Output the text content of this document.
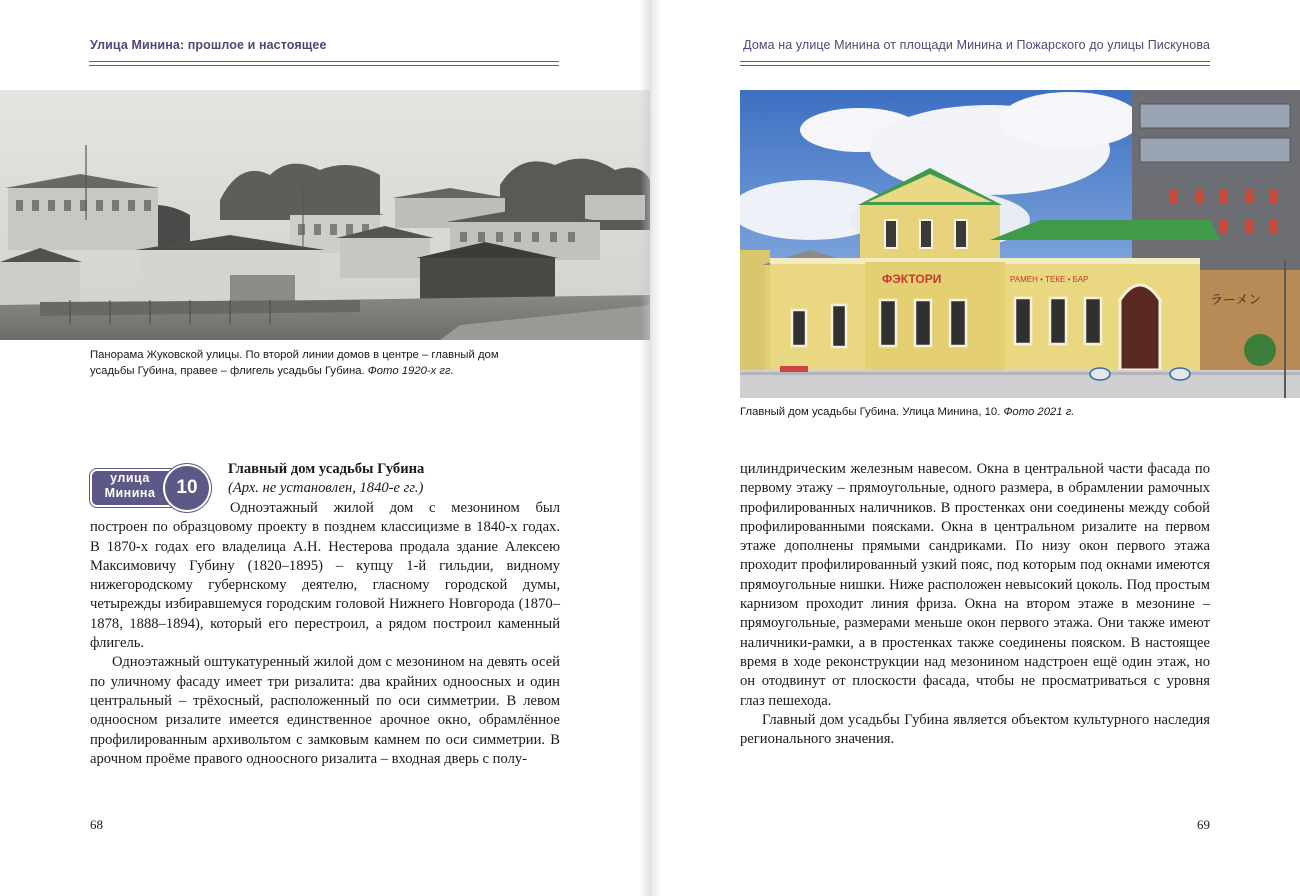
Улица Минина: прошлое и настоящее
Панорама Жуковской улицы. По второй линии домов в центре – главный дом усадьбы Губина, правее – флигель усадьбы Губина. Фото 1920-х гг.
улица
Минина	10
Главный дом усадьбы Губина
(Арх. не установлен, 1840-е гг.)

Одноэтажный жилой дом с мезонином был построен по образцовому проекту в позднем классицизме в 1840-х годах. В 1870-х годах его владелица А.Н. Нестерова продала здание Алексею Максимовичу Губину (1820–1895) – купцу 1-й гильдии, видному нижегородскому губернскому деятелю, гласному городской думы, четырежды избиравшемуся городским головой Нижнего Новгорода (1870–1878, 1888–1894), который его перестроил, а рядом построил каменный флигель.

Одноэтажный оштукатуренный жилой дом с мезонином на девять осей по уличному фасаду имеет три ризалита: два крайних одноосных и один центральный – трёхосный, расположенный по оси симметрии. В левом одноосном ризалите имеется единственное арочное окно, обрамлённое профилированным архивольтом с замковым камнем по оси симметрии. В арочном проёме правого одноосного ризалита – входная дверь с полу-

68
Дома на улице Минина от площади Минина и Пожарского до улицы Пискунова
ФЭКТОРИ	РАМЕН • ТЕКЕ • БАР
ラーメン
Главный дом усадьбы Губина. Улица Минина, 10. Фото 2021 г.

цилиндрическим железным навесом. Окна в центральной части фасада по первому этажу – прямоугольные, одного размера, в обрамлении рамочных профилированных наличников. В простенках они соединены между собой профилированными поясками. Окна в центральном ризалите на первом этаже дополнены прямыми сандриками. По низу окон первого этажа проходит профилированный узкий пояс, под которым под окнами имеются прямоугольные нишки. Ниже расположен невысокий цоколь. Под простым карнизом проходит линия фриза. Окна на втором этаже в мезонине – прямоугольные, размерами меньше окон первого этажа. Они также имеют наличники-рамки, а в простенках также соединены пояском. В настоящее время в ходе реконструкции над мезонином надстроен ещё один этаж, но он отодвинут от плоскости фасада, чтобы не просматриваться с уровня глаз пешехода.

Главный дом усадьбы Губина является объектом культурного наследия регионального значения.

69
